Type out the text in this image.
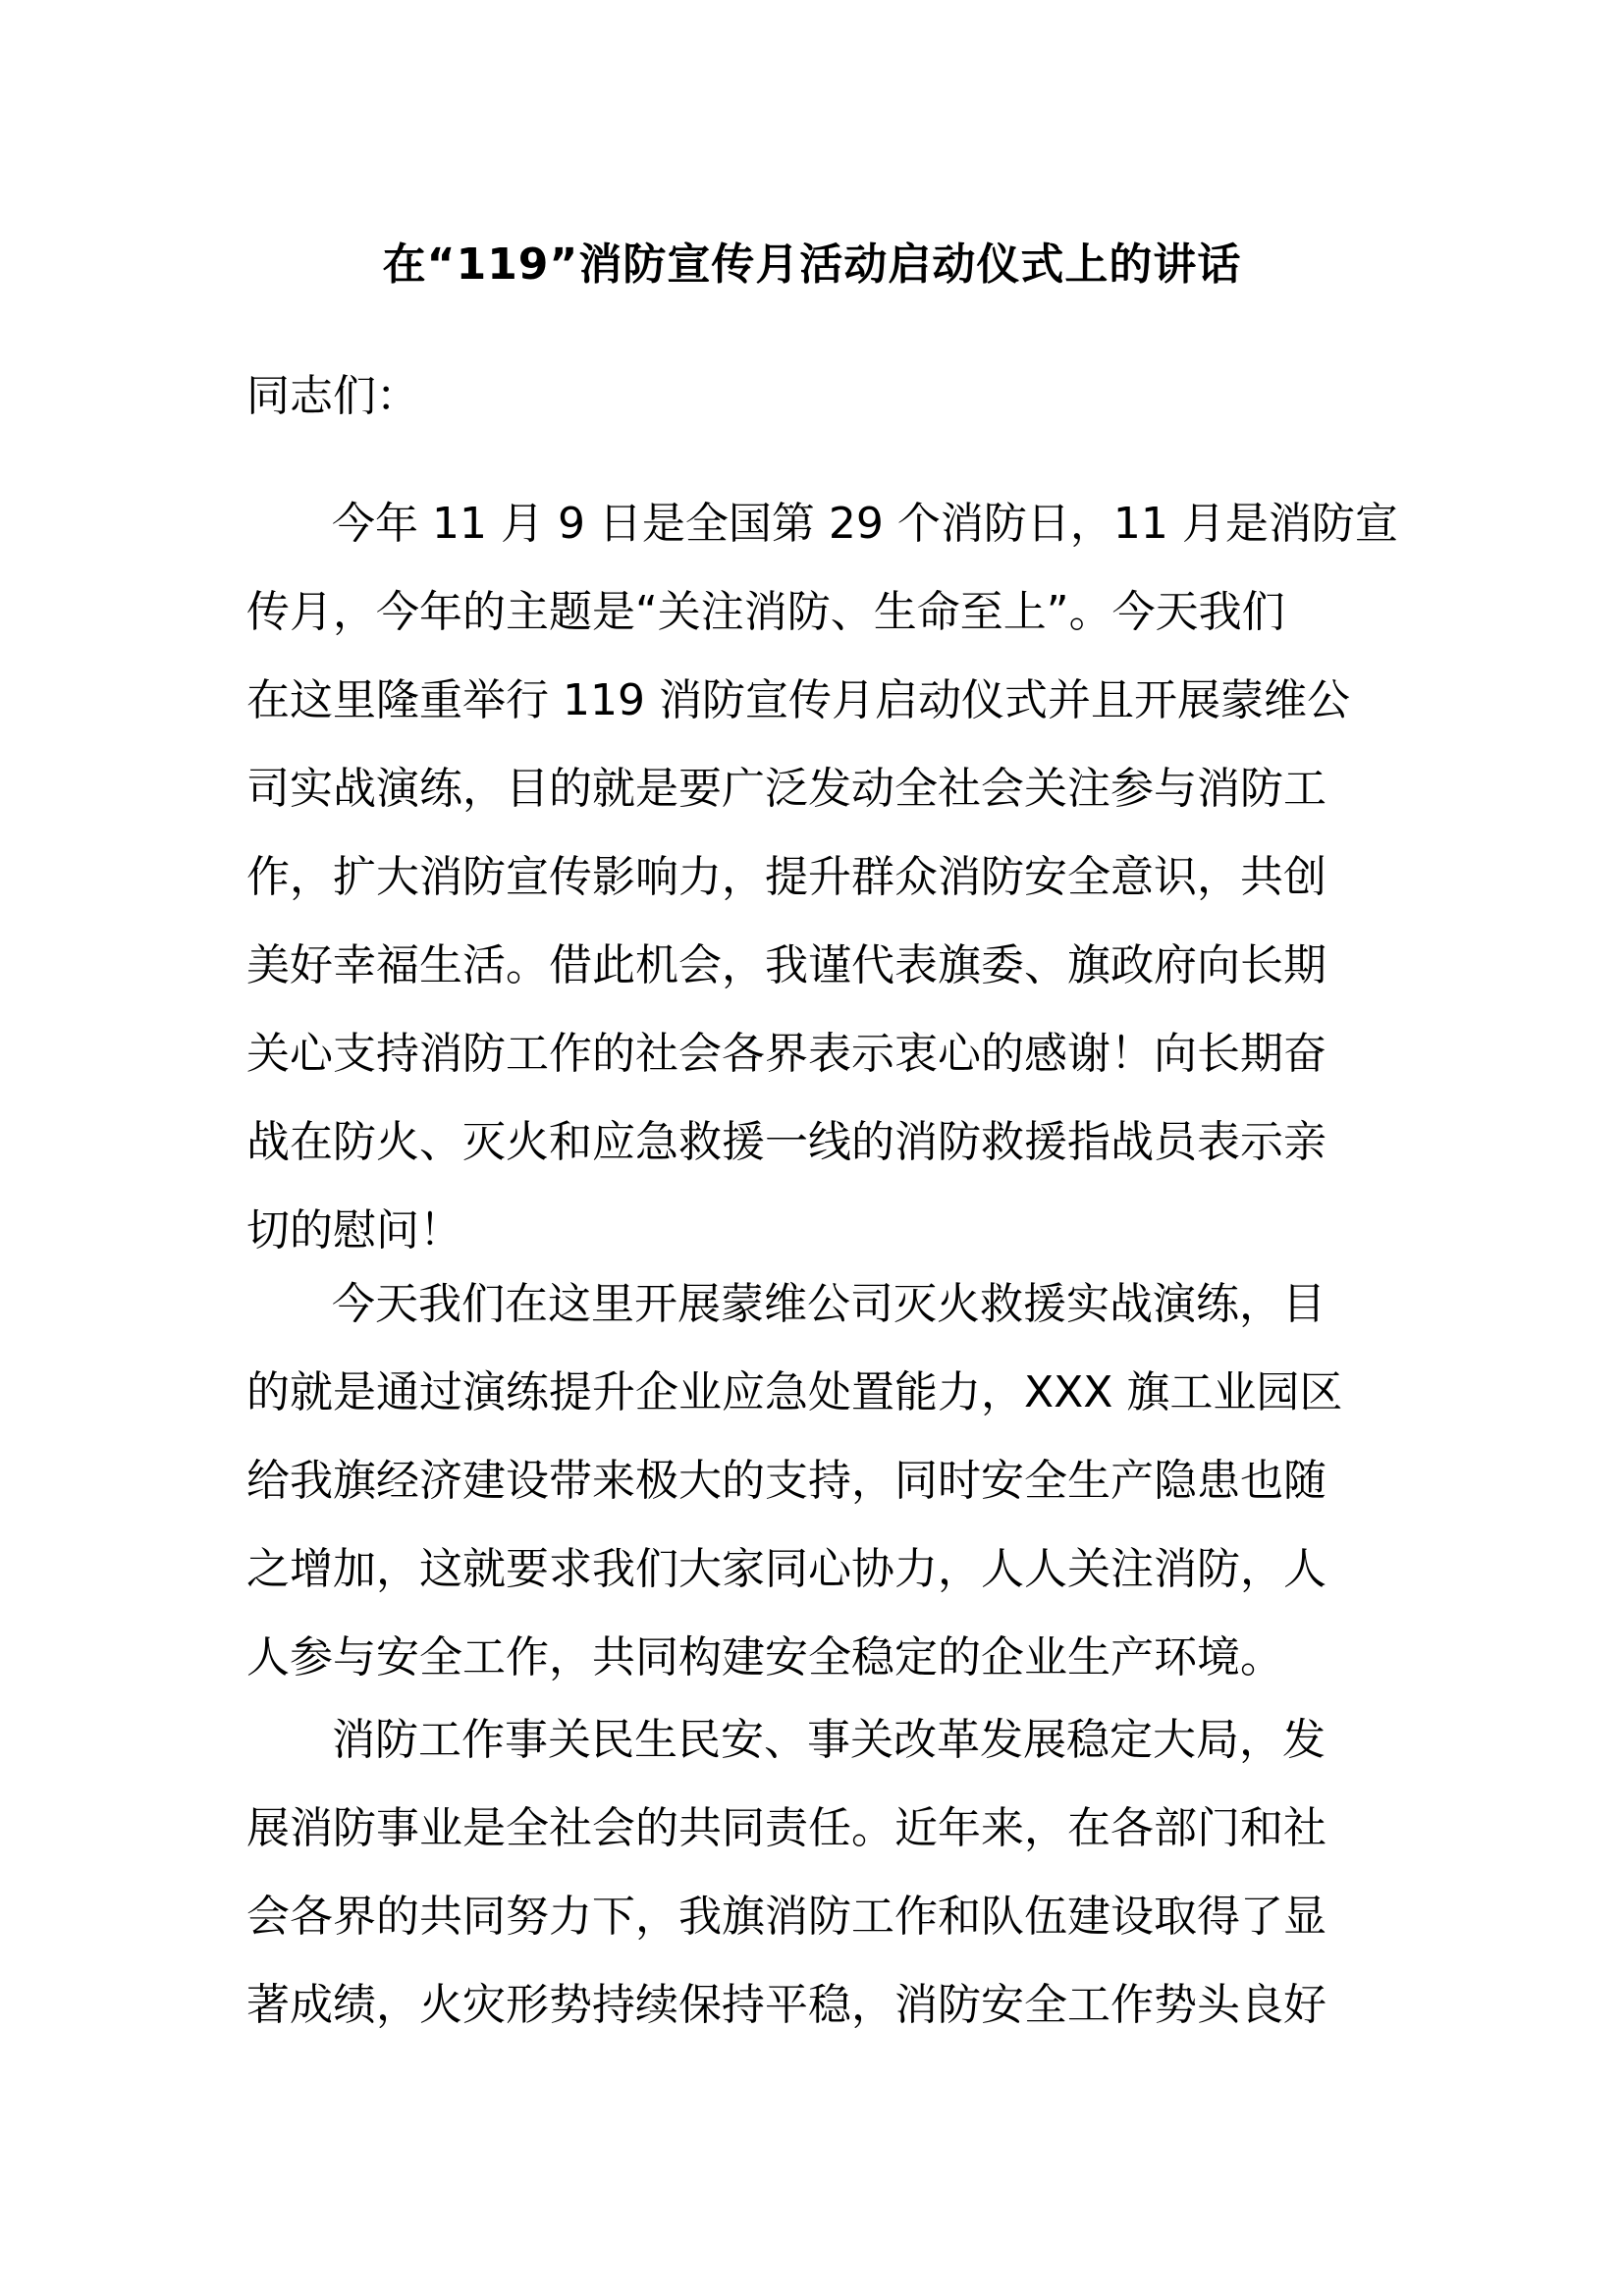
在“119”消防宣传月活动启动仪式上的讲话
同志们：
今年 11 月 9 日是全国第 29 个消防日，11 月是消防宣
传月，今年的主题是“关注消防、生命至上”。今天我们
在这里隆重举行 119 消防宣传月启动仪式并且开展蒙维公
司实战演练，目的就是要广泛发动全社会关注参与消防工
作，扩大消防宣传影响力，提升群众消防安全意识，共创
美好幸福生活。借此机会，我谨代表旗委、旗政府向长期
关心支持消防工作的社会各界表示衷心的感谢！向长期奋
战在防火、灭火和应急救援一线的消防救援指战员表示亲
切的慰问！
今天我们在这里开展蒙维公司灭火救援实战演练，目
的就是通过演练提升企业应急处置能力，XXX 旗工业园区
给我旗经济建设带来极大的支持，同时安全生产隐患也随
之增加，这就要求我们大家同心协力，人人关注消防，人
人参与安全工作，共同构建安全稳定的企业生产环境。
消防工作事关民生民安、事关改革发展稳定大局，发
展消防事业是全社会的共同责任。近年来，在各部门和社
会各界的共同努力下，我旗消防工作和队伍建设取得了显
著成绩，火灾形势持续保持平稳，消防安全工作势头良好
